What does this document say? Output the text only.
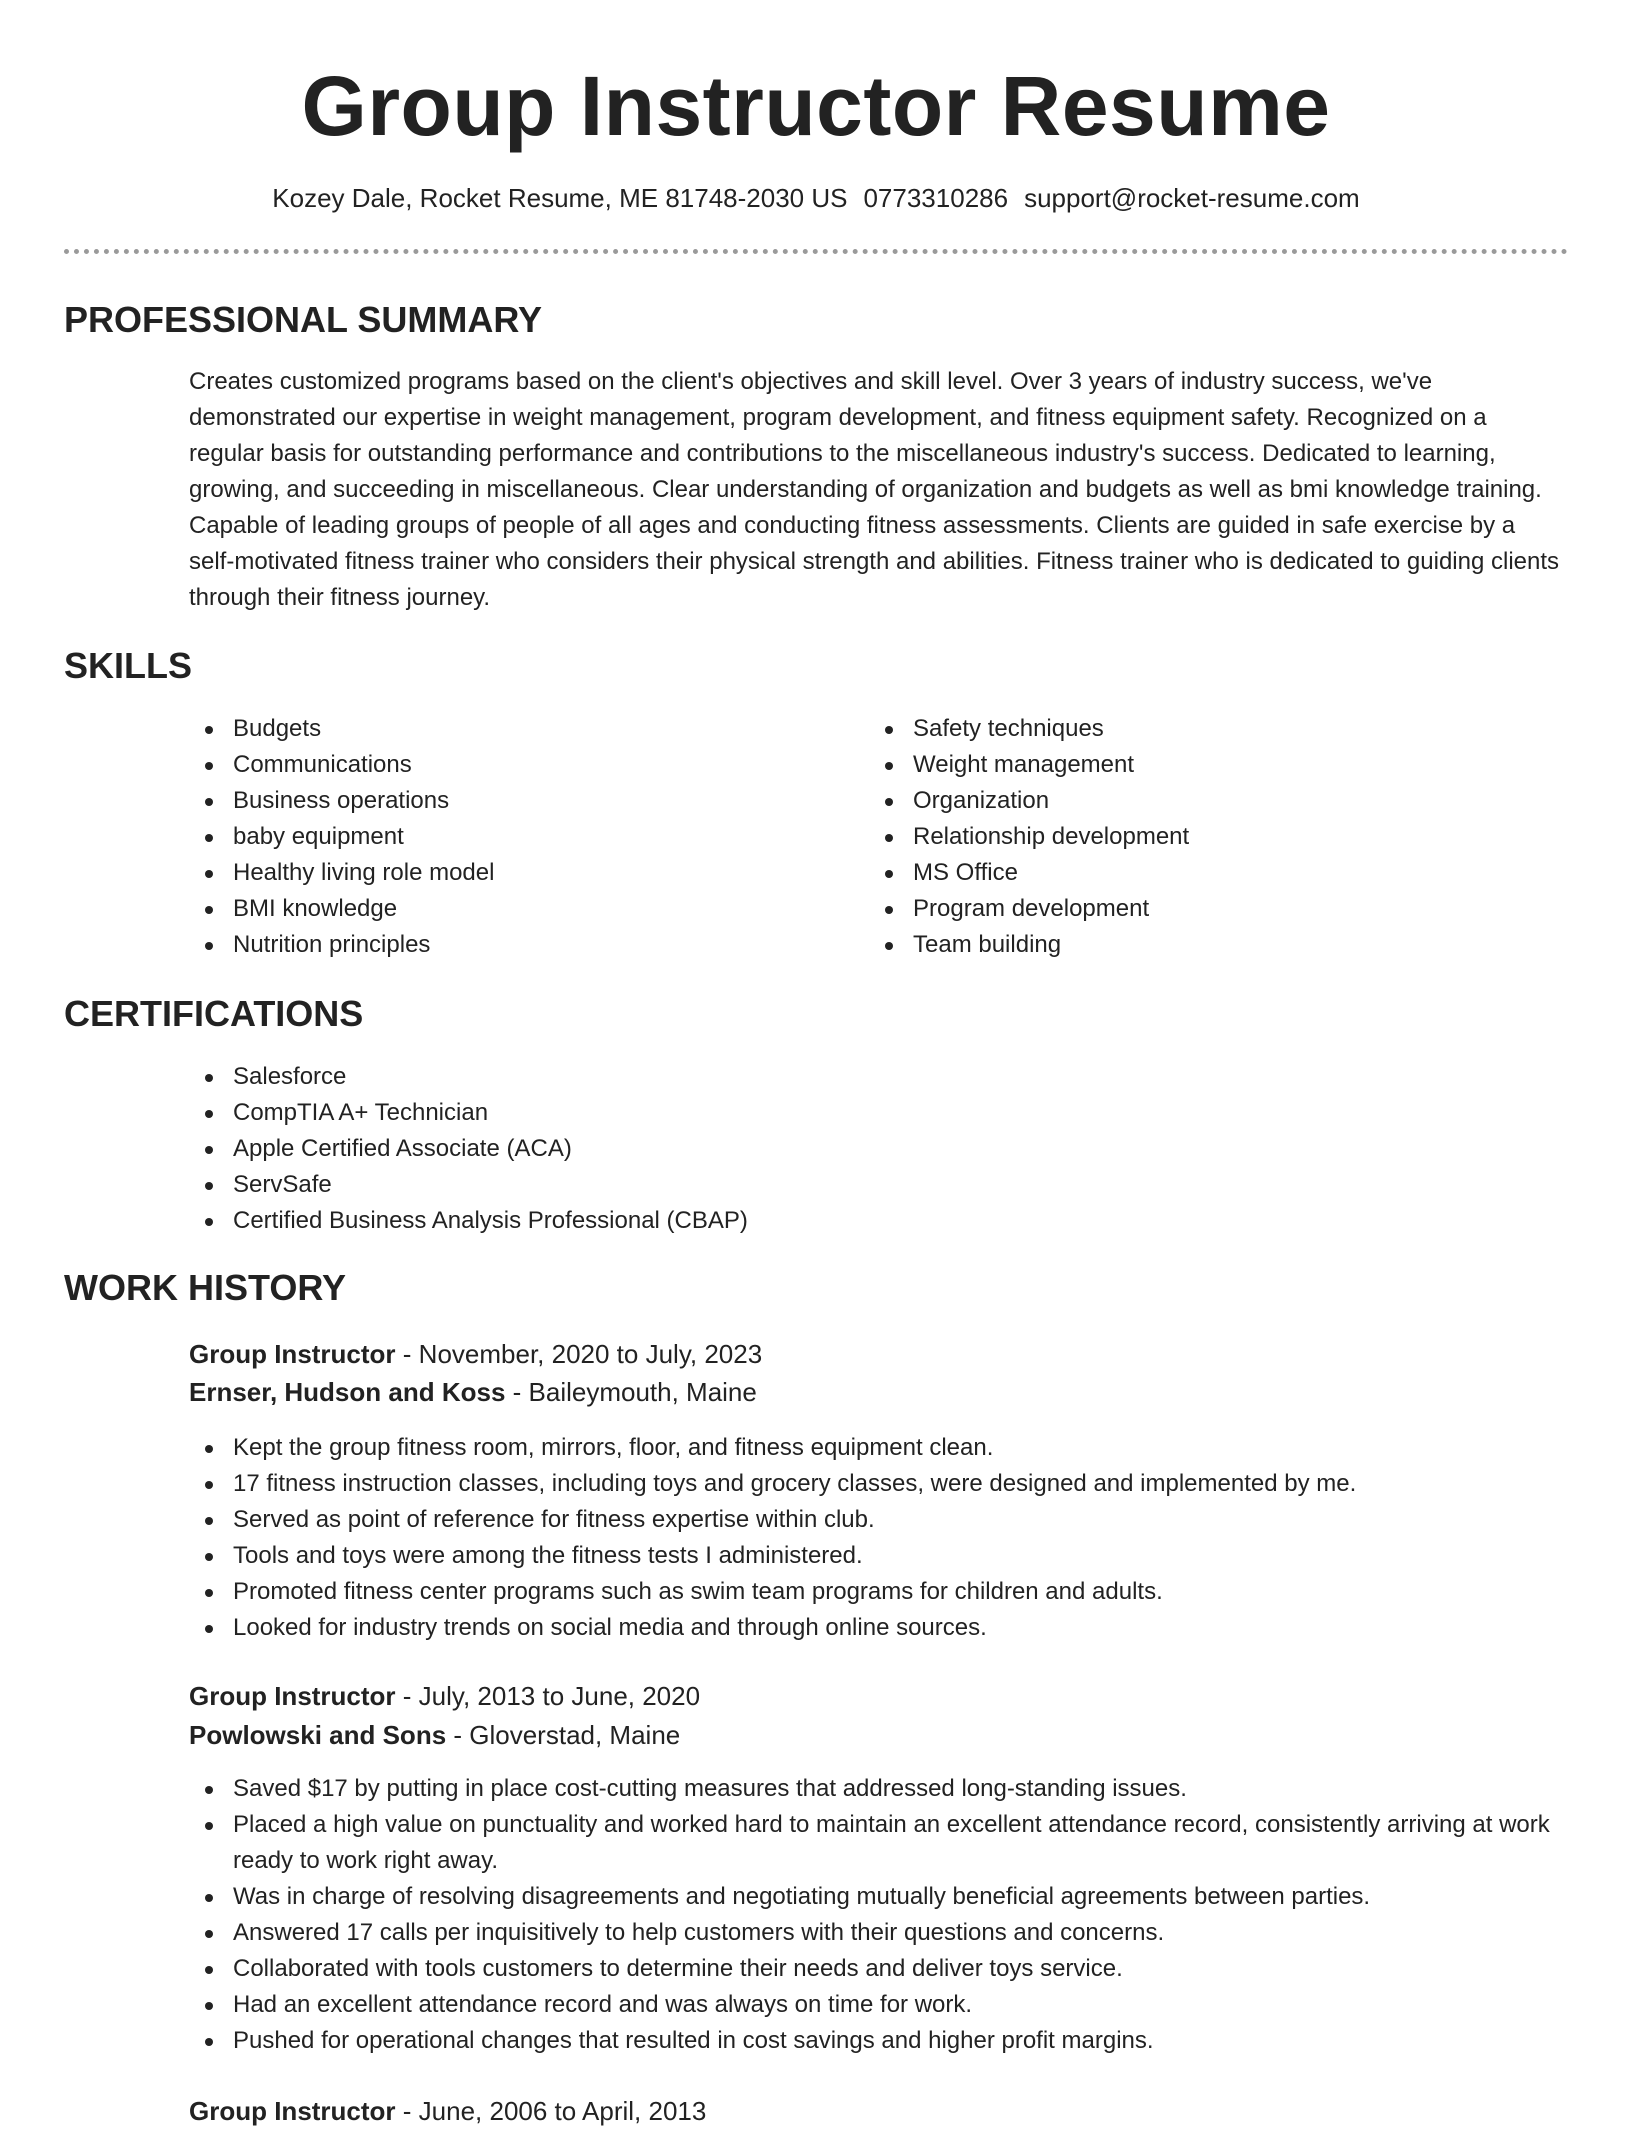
Group Instructor Resume
Kozey Dale, Rocket Resume, ME 81748-2030 US 0773310286 support@rocket-resume.com
PROFESSIONAL SUMMARY

Creates customized programs based on the client's objectives and skill level. Over 3 years of industry success, we've demonstrated our expertise in weight management, program development, and fitness equipment safety. Recognized on a regular basis for outstanding performance and contributions to the miscellaneous industry's success. Dedicated to learning, growing, and succeeding in miscellaneous. Clear understanding of organization and budgets as well as bmi knowledge training. Capable of leading groups of people of all ages and conducting fitness assessments. Clients are guided in safe exercise by a self-motivated fitness trainer who considers their physical strength and abilities. Fitness trainer who is dedicated to guiding clients through their fitness journey.

SKILLS
Budgets
Communications
Business operations
baby equipment
Healthy living role model
BMI knowledge
Nutrition principles
Safety techniques
Weight management
Organization
Relationship development
MS Office
Program development
Team building
CERTIFICATIONS
Salesforce
CompTIA A+ Technician
Apple Certified Associate (ACA)
ServSafe
Certified Business Analysis Professional (CBAP)
WORK HISTORY
Group Instructor - November, 2020 to July, 2023
Ernser, Hudson and Koss - Baileymouth, Maine
Kept the group fitness room, mirrors, floor, and fitness equipment clean.
17 fitness instruction classes, including toys and grocery classes, were designed and implemented by me.
Served as point of reference for fitness expertise within club.
Tools and toys were among the fitness tests I administered.
Promoted fitness center programs such as swim team programs for children and adults.
Looked for industry trends on social media and through online sources.
Group Instructor - July, 2013 to June, 2020
Powlowski and Sons - Gloverstad, Maine
Saved $17 by putting in place cost-cutting measures that addressed long-standing issues.
Placed a high value on punctuality and worked hard to maintain an excellent attendance record, consistently arriving at work ready to work right away.
Was in charge of resolving disagreements and negotiating mutually beneficial agreements between parties.
Answered 17 calls per inquisitively to help customers with their questions and concerns.
Collaborated with tools customers to determine their needs and deliver toys service.
Had an excellent attendance record and was always on time for work.
Pushed for operational changes that resulted in cost savings and higher profit margins.
Group Instructor - June, 2006 to April, 2013
